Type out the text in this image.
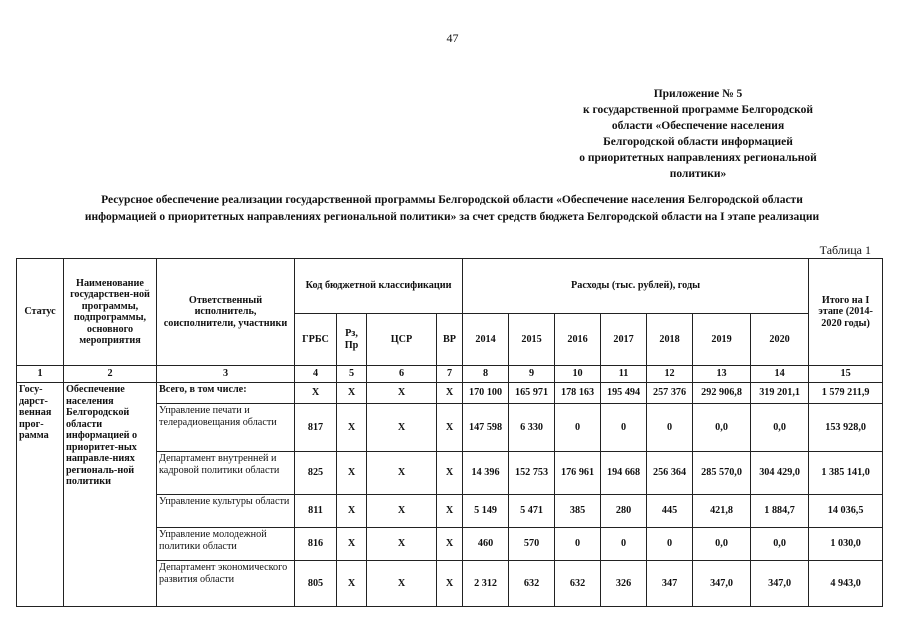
47
Приложение № 5
к государственной программе Белгородской
области «Обеспечение населения
Белгородской области информацией
о приоритетных направлениях региональной
политики»
Ресурсное обеспечение реализации государственной программы Белгородской области «Обеспечение населения Белгородской области
информацией о приоритетных направлениях региональной политики» за счет средств бюджета Белгородской области на I этапе реализации
Таблица 1
Статус	Наименование государствен-ной программы, подпрограммы, основного мероприятия	Ответственный исполнитель, соисполнители, участники	Код бюджетной классификации				Расходы (тыс. рублей), годы							Итого на I этапе (2014-2020 годы)
			ГРБС	Рз, Пр	ЦСР	ВР	2014	2015	2016	2017	2018	2019	2020	
1	2	3	4	5	6	7	8	9	10	11	12	13	14	15
Госу-дарст-венная прог-рамма	Обеспечение населения Белгородской области информацией о приоритет-ных направле-ниях региональ-ной политики	Всего, в том числе:	Х	Х	Х	Х	170 100	165 971	178 163	195 494	257 376	292 906,8	319 201,1	1 579 211,9
		Управление печати и телерадиовещания области	817	Х	Х	Х	147 598	6 330	0	0	0	0,0	0,0	153 928,0
		Департамент внутренней и кадровой политики области	825	Х	Х	Х	14 396	152 753	176 961	194 668	256 364	285 570,0	304 429,0	1 385 141,0
		Управление культуры области	811	Х	Х	Х	5 149	5 471	385	280	445	421,8	1 884,7	14 036,5
		Управление молодежной политики области	816	Х	Х	Х	460	570	0	0	0	0,0	0,0	1 030,0
		Департамент экономического развития области	805	Х	Х	Х	2 312	632	632	326	347	347,0	347,0	4 943,0
